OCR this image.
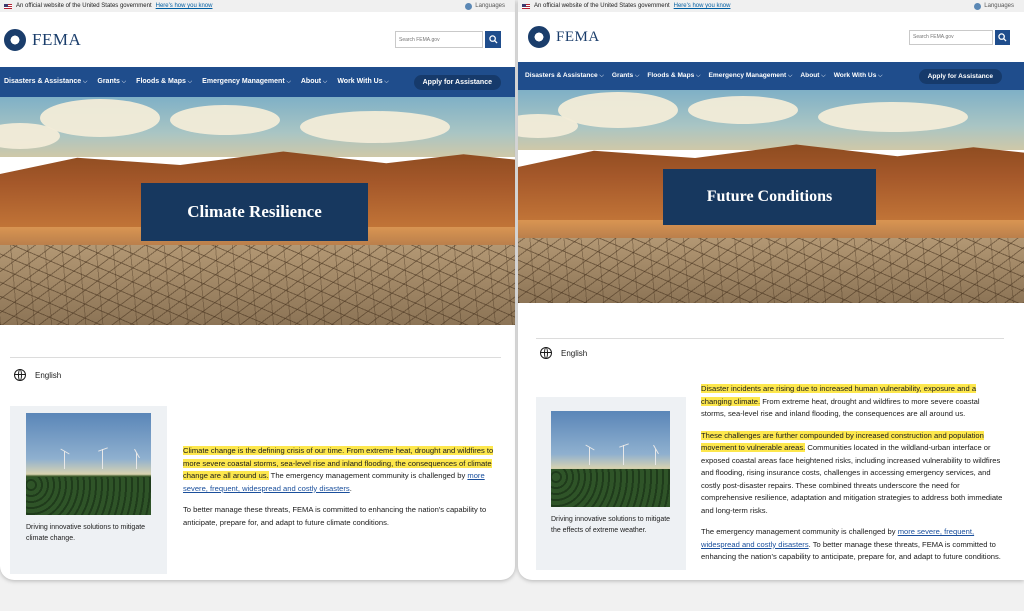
An official website of the United States government Here's how you know	Languages
FEMA
Search FEMA.gov
Disasters & Assistance ⌵	Grants ⌵	Floods & Maps ⌵	Emergency Management ⌵	About ⌵	Work With Us ⌵	Apply for Assistance
Climate Resilience
English
Driving innovative solutions to mitigate climate change.

Climate change is the defining crisis of our time. From extreme heat, drought and wildfires to more severe coastal storms, sea-level rise and inland flooding, the consequences of climate change are all around us. The emergency management community is challenged by more severe, frequent, widespread and costly disasters.

To better manage these threats, FEMA is committed to enhancing the nation's capability to anticipate, prepare for, and adapt to future climate conditions.

An official website of the United States government Here's how you know	Languages
FEMA
Search FEMA.gov
Disasters & Assistance ⌵	Grants ⌵	Floods & Maps ⌵	Emergency Management ⌵	About ⌵	Work With Us ⌵	Apply for Assistance
Future Conditions
English
Driving innovative solutions to mitigate the effects of extreme weather.

Disaster incidents are rising due to increased human vulnerability, exposure and a changing climate. From extreme heat, drought and wildfires to more severe coastal storms, sea-level rise and inland flooding, the consequences are all around us.

These challenges are further compounded by increased construction and population movement to vulnerable areas. Communities located in the wildland-urban interface or exposed coastal areas face heightened risks, including increased vulnerability to wildfires and flooding, rising insurance costs, challenges in accessing emergency services, and costly post-disaster repairs. These combined threats underscore the need for comprehensive resilience, adaptation and mitigation strategies to address both immediate and long-term risks.

The emergency management community is challenged by more severe, frequent, widespread and costly disasters. To better manage these threats, FEMA is committed to enhancing the nation's capability to anticipate, prepare for, and adapt to future conditions.
